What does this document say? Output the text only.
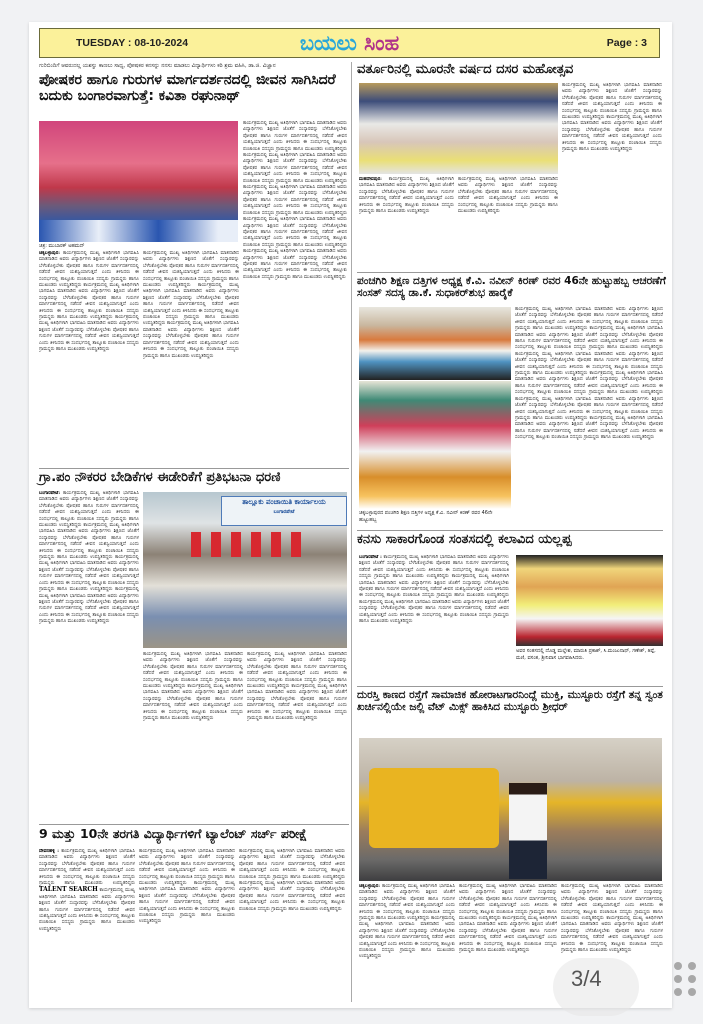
TUESDAY : 08-10-2024	ಬಯಲು ಸಿಂಹ	Page : 3
ಗುರಿಬಿಂದಿಗೆ ಆವರುದಲ್ಲ ಯಶಸ್ವು ಕಾಣಲು ಸಾಧ್ಯ, ಪೋಷಕರ ಕನಸನ್ನು ನನಸು ಮಾಡಲು ವಿದ್ಯಾರ್ಥಿಗಳು ಕಠಿ ಶ್ರಮ ವಹಿಸಿ, ಡಾ.ಜಿ. ವಿಜ್ಞಾನ
ಪೋಷಕರ ಹಾಗೂ ಗುರುಗಳ ಮಾರ್ಗದರ್ಶನದಲ್ಲಿ ಜೀವನ ಸಾಗಿಸಿದರೆ ಬದುಕು ಬಂಗಾರವಾಗುತ್ತೆ: ಕವಿತಾ ರಘುನಾಥ್
ಚಿತ್ರ: ಮುಬಾರಕ್ ಅಹಮದ್
ಚಿಕ್ಕಬಳ್ಳಾಪುರ: ಕಾರ್ಯಕ್ರಮದಲ್ಲಿ ಮುಖ್ಯ ಅತಿಥಿಗಳಾಗಿ ಭಾಗವಹಿಸಿ ಮಾತನಾಡಿದ ಅವರು ವಿದ್ಯಾರ್ಥಿಗಳು ಶಿಕ್ಷಣದ ಜೊತೆಗೆ ಸಂಸ್ಕಾರವನ್ನು ಬೆಳೆಸಿಕೊಳ್ಳಬೇಕು ಪೋಷಕರ ಹಾಗೂ ಗುರುಗಳ ಮಾರ್ಗದರ್ಶನದಲ್ಲಿ ನಡೆದರೆ ಜೀವನ ಯಶಸ್ವಿಯಾಗುತ್ತದೆ ಎಂದು ತಿಳಿಸಿದರು ಈ ಸಂದರ್ಭದಲ್ಲಿ ತಾಲ್ಲೂಕು ಪಂಚಾಯಿತಿ ಸದಸ್ಯರು ಗ್ರಾಮಸ್ಥರು ಹಾಗೂ ಮುಖಂಡರು ಉಪಸ್ಥಿತರಿದ್ದರು ಕಾರ್ಯಕ್ರಮದಲ್ಲಿ ಮುಖ್ಯ ಅತಿಥಿಗಳಾಗಿ ಭಾಗವಹಿಸಿ ಮಾತನಾಡಿದ ಅವರು ವಿದ್ಯಾರ್ಥಿಗಳು ಶಿಕ್ಷಣದ ಜೊತೆಗೆ ಸಂಸ್ಕಾರವನ್ನು ಬೆಳೆಸಿಕೊಳ್ಳಬೇಕು ಪೋಷಕರ ಹಾಗೂ ಗುರುಗಳ ಮಾರ್ಗದರ್ಶನದಲ್ಲಿ ನಡೆದರೆ ಜೀವನ ಯಶಸ್ವಿಯಾಗುತ್ತದೆ ಎಂದು ತಿಳಿಸಿದರು ಈ ಸಂದರ್ಭದಲ್ಲಿ ತಾಲ್ಲೂಕು ಪಂಚಾಯಿತಿ ಸದಸ್ಯರು ಗ್ರಾಮಸ್ಥರು ಹಾಗೂ ಮುಖಂಡರು ಉಪಸ್ಥಿತರಿದ್ದರು ಕಾರ್ಯಕ್ರಮದಲ್ಲಿ ಮುಖ್ಯ ಅತಿಥಿಗಳಾಗಿ ಭಾಗವಹಿಸಿ ಮಾತನಾಡಿದ ಅವರು ವಿದ್ಯಾರ್ಥಿಗಳು ಶಿಕ್ಷಣದ ಜೊತೆಗೆ ಸಂಸ್ಕಾರವನ್ನು ಬೆಳೆಸಿಕೊಳ್ಳಬೇಕು ಪೋಷಕರ ಹಾಗೂ ಗುರುಗಳ ಮಾರ್ಗದರ್ಶನದಲ್ಲಿ ನಡೆದರೆ ಜೀವನ ಯಶಸ್ವಿಯಾಗುತ್ತದೆ ಎಂದು ತಿಳಿಸಿದರು ಈ ಸಂದರ್ಭದಲ್ಲಿ ತಾಲ್ಲೂಕು ಪಂಚಾಯಿತಿ ಸದಸ್ಯರು ಗ್ರಾಮಸ್ಥರು ಹಾಗೂ ಮುಖಂಡರು ಉಪಸ್ಥಿತರಿದ್ದರು
ಕಾರ್ಯಕ್ರಮದಲ್ಲಿ ಮುಖ್ಯ ಅತಿಥಿಗಳಾಗಿ ಭಾಗವಹಿಸಿ ಮಾತನಾಡಿದ ಅವರು ವಿದ್ಯಾರ್ಥಿಗಳು ಶಿಕ್ಷಣದ ಜೊತೆಗೆ ಸಂಸ್ಕಾರವನ್ನು ಬೆಳೆಸಿಕೊಳ್ಳಬೇಕು ಪೋಷಕರ ಹಾಗೂ ಗುರುಗಳ ಮಾರ್ಗದರ್ಶನದಲ್ಲಿ ನಡೆದರೆ ಜೀವನ ಯಶಸ್ವಿಯಾಗುತ್ತದೆ ಎಂದು ತಿಳಿಸಿದರು ಈ ಸಂದರ್ಭದಲ್ಲಿ ತಾಲ್ಲೂಕು ಪಂಚಾಯಿತಿ ಸದಸ್ಯರು ಗ್ರಾಮಸ್ಥರು ಹಾಗೂ ಮುಖಂಡರು ಉಪಸ್ಥಿತರಿದ್ದರು ಕಾರ್ಯಕ್ರಮದಲ್ಲಿ ಮುಖ್ಯ ಅತಿಥಿಗಳಾಗಿ ಭಾಗವಹಿಸಿ ಮಾತನಾಡಿದ ಅವರು ವಿದ್ಯಾರ್ಥಿಗಳು ಶಿಕ್ಷಣದ ಜೊತೆಗೆ ಸಂಸ್ಕಾರವನ್ನು ಬೆಳೆಸಿಕೊಳ್ಳಬೇಕು ಪೋಷಕರ ಹಾಗೂ ಗುರುಗಳ ಮಾರ್ಗದರ್ಶನದಲ್ಲಿ ನಡೆದರೆ ಜೀವನ ಯಶಸ್ವಿಯಾಗುತ್ತದೆ ಎಂದು ತಿಳಿಸಿದರು ಈ ಸಂದರ್ಭದಲ್ಲಿ ತಾಲ್ಲೂಕು ಪಂಚಾಯಿತಿ ಸದಸ್ಯರು ಗ್ರಾಮಸ್ಥರು ಹಾಗೂ ಮುಖಂಡರು ಉಪಸ್ಥಿತರಿದ್ದರು ಕಾರ್ಯಕ್ರಮದಲ್ಲಿ ಮುಖ್ಯ ಅತಿಥಿಗಳಾಗಿ ಭಾಗವಹಿಸಿ ಮಾತನಾಡಿದ ಅವರು ವಿದ್ಯಾರ್ಥಿಗಳು ಶಿಕ್ಷಣದ ಜೊತೆಗೆ ಸಂಸ್ಕಾರವನ್ನು ಬೆಳೆಸಿಕೊಳ್ಳಬೇಕು ಪೋಷಕರ ಹಾಗೂ ಗುರುಗಳ ಮಾರ್ಗದರ್ಶನದಲ್ಲಿ ನಡೆದರೆ ಜೀವನ ಯಶಸ್ವಿಯಾಗುತ್ತದೆ ಎಂದು ತಿಳಿಸಿದರು ಈ ಸಂದರ್ಭದಲ್ಲಿ ತಾಲ್ಲೂಕು ಪಂಚಾಯಿತಿ ಸದಸ್ಯರು ಗ್ರಾಮಸ್ಥರು ಹಾಗೂ ಮುಖಂಡರು ಉಪಸ್ಥಿತರಿದ್ದರು
ಕಾರ್ಯಕ್ರಮದಲ್ಲಿ ಮುಖ್ಯ ಅತಿಥಿಗಳಾಗಿ ಭಾಗವಹಿಸಿ ಮಾತನಾಡಿದ ಅವರು ವಿದ್ಯಾರ್ಥಿಗಳು ಶಿಕ್ಷಣದ ಜೊತೆಗೆ ಸಂಸ್ಕಾರವನ್ನು ಬೆಳೆಸಿಕೊಳ್ಳಬೇಕು ಪೋಷಕರ ಹಾಗೂ ಗುರುಗಳ ಮಾರ್ಗದರ್ಶನದಲ್ಲಿ ನಡೆದರೆ ಜೀವನ ಯಶಸ್ವಿಯಾಗುತ್ತದೆ ಎಂದು ತಿಳಿಸಿದರು ಈ ಸಂದರ್ಭದಲ್ಲಿ ತಾಲ್ಲೂಕು ಪಂಚಾಯಿತಿ ಸದಸ್ಯರು ಗ್ರಾಮಸ್ಥರು ಹಾಗೂ ಮುಖಂಡರು ಉಪಸ್ಥಿತರಿದ್ದರು ಕಾರ್ಯಕ್ರಮದಲ್ಲಿ ಮುಖ್ಯ ಅತಿಥಿಗಳಾಗಿ ಭಾಗವಹಿಸಿ ಮಾತನಾಡಿದ ಅವರು ವಿದ್ಯಾರ್ಥಿಗಳು ಶಿಕ್ಷಣದ ಜೊತೆಗೆ ಸಂಸ್ಕಾರವನ್ನು ಬೆಳೆಸಿಕೊಳ್ಳಬೇಕು ಪೋಷಕರ ಹಾಗೂ ಗುರುಗಳ ಮಾರ್ಗದರ್ಶನದಲ್ಲಿ ನಡೆದರೆ ಜೀವನ ಯಶಸ್ವಿಯಾಗುತ್ತದೆ ಎಂದು ತಿಳಿಸಿದರು ಈ ಸಂದರ್ಭದಲ್ಲಿ ತಾಲ್ಲೂಕು ಪಂಚಾಯಿತಿ ಸದಸ್ಯರು ಗ್ರಾಮಸ್ಥರು ಹಾಗೂ ಮುಖಂಡರು ಉಪಸ್ಥಿತರಿದ್ದರು ಕಾರ್ಯಕ್ರಮದಲ್ಲಿ ಮುಖ್ಯ ಅತಿಥಿಗಳಾಗಿ ಭಾಗವಹಿಸಿ ಮಾತನಾಡಿದ ಅವರು ವಿದ್ಯಾರ್ಥಿಗಳು ಶಿಕ್ಷಣದ ಜೊತೆಗೆ ಸಂಸ್ಕಾರವನ್ನು ಬೆಳೆಸಿಕೊಳ್ಳಬೇಕು ಪೋಷಕರ ಹಾಗೂ ಗುರುಗಳ ಮಾರ್ಗದರ್ಶನದಲ್ಲಿ ನಡೆದರೆ ಜೀವನ ಯಶಸ್ವಿಯಾಗುತ್ತದೆ ಎಂದು ತಿಳಿಸಿದರು ಈ ಸಂದರ್ಭದಲ್ಲಿ ತಾಲ್ಲೂಕು ಪಂಚಾಯಿತಿ ಸದಸ್ಯರು ಗ್ರಾಮಸ್ಥರು ಹಾಗೂ ಮುಖಂಡರು ಉಪಸ್ಥಿತರಿದ್ದರು ಕಾರ್ಯಕ್ರಮದಲ್ಲಿ ಮುಖ್ಯ ಅತಿಥಿಗಳಾಗಿ ಭಾಗವಹಿಸಿ ಮಾತನಾಡಿದ ಅವರು ವಿದ್ಯಾರ್ಥಿಗಳು ಶಿಕ್ಷಣದ ಜೊತೆಗೆ ಸಂಸ್ಕಾರವನ್ನು ಬೆಳೆಸಿಕೊಳ್ಳಬೇಕು ಪೋಷಕರ ಹಾಗೂ ಗುರುಗಳ ಮಾರ್ಗದರ್ಶನದಲ್ಲಿ ನಡೆದರೆ ಜೀವನ ಯಶಸ್ವಿಯಾಗುತ್ತದೆ ಎಂದು ತಿಳಿಸಿದರು ಈ ಸಂದರ್ಭದಲ್ಲಿ ತಾಲ್ಲೂಕು ಪಂಚಾಯಿತಿ ಸದಸ್ಯರು ಗ್ರಾಮಸ್ಥರು ಹಾಗೂ ಮುಖಂಡರು ಉಪಸ್ಥಿತರಿದ್ದರು ಕಾರ್ಯಕ್ರಮದಲ್ಲಿ ಮುಖ್ಯ ಅತಿಥಿಗಳಾಗಿ ಭಾಗವಹಿಸಿ ಮಾತನಾಡಿದ ಅವರು ವಿದ್ಯಾರ್ಥಿಗಳು ಶಿಕ್ಷಣದ ಜೊತೆಗೆ ಸಂಸ್ಕಾರವನ್ನು ಬೆಳೆಸಿಕೊಳ್ಳಬೇಕು ಪೋಷಕರ ಹಾಗೂ ಗುರುಗಳ ಮಾರ್ಗದರ್ಶನದಲ್ಲಿ ನಡೆದರೆ ಜೀವನ ಯಶಸ್ವಿಯಾಗುತ್ತದೆ ಎಂದು ತಿಳಿಸಿದರು ಈ ಸಂದರ್ಭದಲ್ಲಿ ತಾಲ್ಲೂಕು ಪಂಚಾಯಿತಿ ಸದಸ್ಯರು ಗ್ರಾಮಸ್ಥರು ಹಾಗೂ ಮುಖಂಡರು ಉಪಸ್ಥಿತರಿದ್ದರು
ಗ್ರಾ.ಪಂ ನೌಕರರ ಬೇಡಿಕೆಗಳ ಈಡೇರಿಕೆಗೆ ಪ್ರತಿಭಟನಾ ಧರಣಿ
ಬಂಗಾರಪೇಟೆ: ಕಾರ್ಯಕ್ರಮದಲ್ಲಿ ಮುಖ್ಯ ಅತಿಥಿಗಳಾಗಿ ಭಾಗವಹಿಸಿ ಮಾತನಾಡಿದ ಅವರು ವಿದ್ಯಾರ್ಥಿಗಳು ಶಿಕ್ಷಣದ ಜೊತೆಗೆ ಸಂಸ್ಕಾರವನ್ನು ಬೆಳೆಸಿಕೊಳ್ಳಬೇಕು ಪೋಷಕರ ಹಾಗೂ ಗುರುಗಳ ಮಾರ್ಗದರ್ಶನದಲ್ಲಿ ನಡೆದರೆ ಜೀವನ ಯಶಸ್ವಿಯಾಗುತ್ತದೆ ಎಂದು ತಿಳಿಸಿದರು ಈ ಸಂದರ್ಭದಲ್ಲಿ ತಾಲ್ಲೂಕು ಪಂಚಾಯಿತಿ ಸದಸ್ಯರು ಗ್ರಾಮಸ್ಥರು ಹಾಗೂ ಮುಖಂಡರು ಉಪಸ್ಥಿತರಿದ್ದರು ಕಾರ್ಯಕ್ರಮದಲ್ಲಿ ಮುಖ್ಯ ಅತಿಥಿಗಳಾಗಿ ಭಾಗವಹಿಸಿ ಮಾತನಾಡಿದ ಅವರು ವಿದ್ಯಾರ್ಥಿಗಳು ಶಿಕ್ಷಣದ ಜೊತೆಗೆ ಸಂಸ್ಕಾರವನ್ನು ಬೆಳೆಸಿಕೊಳ್ಳಬೇಕು ಪೋಷಕರ ಹಾಗೂ ಗುರುಗಳ ಮಾರ್ಗದರ್ಶನದಲ್ಲಿ ನಡೆದರೆ ಜೀವನ ಯಶಸ್ವಿಯಾಗುತ್ತದೆ ಎಂದು ತಿಳಿಸಿದರು ಈ ಸಂದರ್ಭದಲ್ಲಿ ತಾಲ್ಲೂಕು ಪಂಚಾಯಿತಿ ಸದಸ್ಯರು ಗ್ರಾಮಸ್ಥರು ಹಾಗೂ ಮುಖಂಡರು ಉಪಸ್ಥಿತರಿದ್ದರು ಕಾರ್ಯಕ್ರಮದಲ್ಲಿ ಮುಖ್ಯ ಅತಿಥಿಗಳಾಗಿ ಭಾಗವಹಿಸಿ ಮಾತನಾಡಿದ ಅವರು ವಿದ್ಯಾರ್ಥಿಗಳು ಶಿಕ್ಷಣದ ಜೊತೆಗೆ ಸಂಸ್ಕಾರವನ್ನು ಬೆಳೆಸಿಕೊಳ್ಳಬೇಕು ಪೋಷಕರ ಹಾಗೂ ಗುರುಗಳ ಮಾರ್ಗದರ್ಶನದಲ್ಲಿ ನಡೆದರೆ ಜೀವನ ಯಶಸ್ವಿಯಾಗುತ್ತದೆ ಎಂದು ತಿಳಿಸಿದರು ಈ ಸಂದರ್ಭದಲ್ಲಿ ತಾಲ್ಲೂಕು ಪಂಚಾಯಿತಿ ಸದಸ್ಯರು ಗ್ರಾಮಸ್ಥರು ಹಾಗೂ ಮುಖಂಡರು ಉಪಸ್ಥಿತರಿದ್ದರು ಕಾರ್ಯಕ್ರಮದಲ್ಲಿ ಮುಖ್ಯ ಅತಿಥಿಗಳಾಗಿ ಭಾಗವಹಿಸಿ ಮಾತನಾಡಿದ ಅವರು ವಿದ್ಯಾರ್ಥಿಗಳು ಶಿಕ್ಷಣದ ಜೊತೆಗೆ ಸಂಸ್ಕಾರವನ್ನು ಬೆಳೆಸಿಕೊಳ್ಳಬೇಕು ಪೋಷಕರ ಹಾಗೂ ಗುರುಗಳ ಮಾರ್ಗದರ್ಶನದಲ್ಲಿ ನಡೆದರೆ ಜೀವನ ಯಶಸ್ವಿಯಾಗುತ್ತದೆ ಎಂದು ತಿಳಿಸಿದರು ಈ ಸಂದರ್ಭದಲ್ಲಿ ತಾಲ್ಲೂಕು ಪಂಚಾಯಿತಿ ಸದಸ್ಯರು ಗ್ರಾಮಸ್ಥರು ಹಾಗೂ ಮುಖಂಡರು ಉಪಸ್ಥಿತರಿದ್ದರು
ತಾಲ್ಲೂಕು ಪಂಚಾಯಿತಿ ಕಾರ್ಯಾಲಯ
ಬಂಗಾರಪೇಟೆ
ಕಾರ್ಯಕ್ರಮದಲ್ಲಿ ಮುಖ್ಯ ಅತಿಥಿಗಳಾಗಿ ಭಾಗವಹಿಸಿ ಮಾತನಾಡಿದ ಅವರು ವಿದ್ಯಾರ್ಥಿಗಳು ಶಿಕ್ಷಣದ ಜೊತೆಗೆ ಸಂಸ್ಕಾರವನ್ನು ಬೆಳೆಸಿಕೊಳ್ಳಬೇಕು ಪೋಷಕರ ಹಾಗೂ ಗುರುಗಳ ಮಾರ್ಗದರ್ಶನದಲ್ಲಿ ನಡೆದರೆ ಜೀವನ ಯಶಸ್ವಿಯಾಗುತ್ತದೆ ಎಂದು ತಿಳಿಸಿದರು ಈ ಸಂದರ್ಭದಲ್ಲಿ ತಾಲ್ಲೂಕು ಪಂಚಾಯಿತಿ ಸದಸ್ಯರು ಗ್ರಾಮಸ್ಥರು ಹಾಗೂ ಮುಖಂಡರು ಉಪಸ್ಥಿತರಿದ್ದರು ಕಾರ್ಯಕ್ರಮದಲ್ಲಿ ಮುಖ್ಯ ಅತಿಥಿಗಳಾಗಿ ಭಾಗವಹಿಸಿ ಮಾತನಾಡಿದ ಅವರು ವಿದ್ಯಾರ್ಥಿಗಳು ಶಿಕ್ಷಣದ ಜೊತೆಗೆ ಸಂಸ್ಕಾರವನ್ನು ಬೆಳೆಸಿಕೊಳ್ಳಬೇಕು ಪೋಷಕರ ಹಾಗೂ ಗುರುಗಳ ಮಾರ್ಗದರ್ಶನದಲ್ಲಿ ನಡೆದರೆ ಜೀವನ ಯಶಸ್ವಿಯಾಗುತ್ತದೆ ಎಂದು ತಿಳಿಸಿದರು ಈ ಸಂದರ್ಭದಲ್ಲಿ ತಾಲ್ಲೂಕು ಪಂಚಾಯಿತಿ ಸದಸ್ಯರು ಗ್ರಾಮಸ್ಥರು ಹಾಗೂ ಮುಖಂಡರು ಉಪಸ್ಥಿತರಿದ್ದರು
ಕಾರ್ಯಕ್ರಮದಲ್ಲಿ ಮುಖ್ಯ ಅತಿಥಿಗಳಾಗಿ ಭಾಗವಹಿಸಿ ಮಾತನಾಡಿದ ಅವರು ವಿದ್ಯಾರ್ಥಿಗಳು ಶಿಕ್ಷಣದ ಜೊತೆಗೆ ಸಂಸ್ಕಾರವನ್ನು ಬೆಳೆಸಿಕೊಳ್ಳಬೇಕು ಪೋಷಕರ ಹಾಗೂ ಗುರುಗಳ ಮಾರ್ಗದರ್ಶನದಲ್ಲಿ ನಡೆದರೆ ಜೀವನ ಯಶಸ್ವಿಯಾಗುತ್ತದೆ ಎಂದು ತಿಳಿಸಿದರು ಈ ಸಂದರ್ಭದಲ್ಲಿ ತಾಲ್ಲೂಕು ಪಂಚಾಯಿತಿ ಸದಸ್ಯರು ಗ್ರಾಮಸ್ಥರು ಹಾಗೂ ಮುಖಂಡರು ಉಪಸ್ಥಿತರಿದ್ದರು ಕಾರ್ಯಕ್ರಮದಲ್ಲಿ ಮುಖ್ಯ ಅತಿಥಿಗಳಾಗಿ ಭಾಗವಹಿಸಿ ಮಾತನಾಡಿದ ಅವರು ವಿದ್ಯಾರ್ಥಿಗಳು ಶಿಕ್ಷಣದ ಜೊತೆಗೆ ಸಂಸ್ಕಾರವನ್ನು ಬೆಳೆಸಿಕೊಳ್ಳಬೇಕು ಪೋಷಕರ ಹಾಗೂ ಗುರುಗಳ ಮಾರ್ಗದರ್ಶನದಲ್ಲಿ ನಡೆದರೆ ಜೀವನ ಯಶಸ್ವಿಯಾಗುತ್ತದೆ ಎಂದು ತಿಳಿಸಿದರು ಈ ಸಂದರ್ಭದಲ್ಲಿ ತಾಲ್ಲೂಕು ಪಂಚಾಯಿತಿ ಸದಸ್ಯರು ಗ್ರಾಮಸ್ಥರು ಹಾಗೂ ಮುಖಂಡರು ಉಪಸ್ಥಿತರಿದ್ದರು
9 ಮತ್ತು 10ನೇ ತರಗತಿ ವಿದ್ಯಾರ್ಥಿಗಳಿಗೆ ಟ್ಯಾಲೆಂಟ್ ಸರ್ಚ್ ಪರೀಕ್ಷೆ
ದೇವನಹಳ್ಳಿ : ಕಾರ್ಯಕ್ರಮದಲ್ಲಿ ಮುಖ್ಯ ಅತಿಥಿಗಳಾಗಿ ಭಾಗವಹಿಸಿ ಮಾತನಾಡಿದ ಅವರು ವಿದ್ಯಾರ್ಥಿಗಳು ಶಿಕ್ಷಣದ ಜೊತೆಗೆ ಸಂಸ್ಕಾರವನ್ನು ಬೆಳೆಸಿಕೊಳ್ಳಬೇಕು ಪೋಷಕರ ಹಾಗೂ ಗುರುಗಳ ಮಾರ್ಗದರ್ಶನದಲ್ಲಿ ನಡೆದರೆ ಜೀವನ ಯಶಸ್ವಿಯಾಗುತ್ತದೆ ಎಂದು ತಿಳಿಸಿದರು ಈ ಸಂದರ್ಭದಲ್ಲಿ ತಾಲ್ಲೂಕು ಪಂಚಾಯಿತಿ ಸದಸ್ಯರು ಗ್ರಾಮಸ್ಥರು ಹಾಗೂ ಮುಖಂಡರು ಉಪಸ್ಥಿತರಿದ್ದರು TALENT SEARCH ಕಾರ್ಯಕ್ರಮದಲ್ಲಿ ಮುಖ್ಯ ಅತಿಥಿಗಳಾಗಿ ಭಾಗವಹಿಸಿ ಮಾತನಾಡಿದ ಅವರು ವಿದ್ಯಾರ್ಥಿಗಳು ಶಿಕ್ಷಣದ ಜೊತೆಗೆ ಸಂಸ್ಕಾರವನ್ನು ಬೆಳೆಸಿಕೊಳ್ಳಬೇಕು ಪೋಷಕರ ಹಾಗೂ ಗುರುಗಳ ಮಾರ್ಗದರ್ಶನದಲ್ಲಿ ನಡೆದರೆ ಜೀವನ ಯಶಸ್ವಿಯಾಗುತ್ತದೆ ಎಂದು ತಿಳಿಸಿದರು ಈ ಸಂದರ್ಭದಲ್ಲಿ ತಾಲ್ಲೂಕು ಪಂಚಾಯಿತಿ ಸದಸ್ಯರು ಗ್ರಾಮಸ್ಥರು ಹಾಗೂ ಮುಖಂಡರು ಉಪಸ್ಥಿತರಿದ್ದರು
ಕಾರ್ಯಕ್ರಮದಲ್ಲಿ ಮುಖ್ಯ ಅತಿಥಿಗಳಾಗಿ ಭಾಗವಹಿಸಿ ಮಾತನಾಡಿದ ಅವರು ವಿದ್ಯಾರ್ಥಿಗಳು ಶಿಕ್ಷಣದ ಜೊತೆಗೆ ಸಂಸ್ಕಾರವನ್ನು ಬೆಳೆಸಿಕೊಳ್ಳಬೇಕು ಪೋಷಕರ ಹಾಗೂ ಗುರುಗಳ ಮಾರ್ಗದರ್ಶನದಲ್ಲಿ ನಡೆದರೆ ಜೀವನ ಯಶಸ್ವಿಯಾಗುತ್ತದೆ ಎಂದು ತಿಳಿಸಿದರು ಈ ಸಂದರ್ಭದಲ್ಲಿ ತಾಲ್ಲೂಕು ಪಂಚಾಯಿತಿ ಸದಸ್ಯರು ಗ್ರಾಮಸ್ಥರು ಹಾಗೂ ಮುಖಂಡರು ಉಪಸ್ಥಿತರಿದ್ದರು ಕಾರ್ಯಕ್ರಮದಲ್ಲಿ ಮುಖ್ಯ ಅತಿಥಿಗಳಾಗಿ ಭಾಗವಹಿಸಿ ಮಾತನಾಡಿದ ಅವರು ವಿದ್ಯಾರ್ಥಿಗಳು ಶಿಕ್ಷಣದ ಜೊತೆಗೆ ಸಂಸ್ಕಾರವನ್ನು ಬೆಳೆಸಿಕೊಳ್ಳಬೇಕು ಪೋಷಕರ ಹಾಗೂ ಗುರುಗಳ ಮಾರ್ಗದರ್ಶನದಲ್ಲಿ ನಡೆದರೆ ಜೀವನ ಯಶಸ್ವಿಯಾಗುತ್ತದೆ ಎಂದು ತಿಳಿಸಿದರು ಈ ಸಂದರ್ಭದಲ್ಲಿ ತಾಲ್ಲೂಕು ಪಂಚಾಯಿತಿ ಸದಸ್ಯರು ಗ್ರಾಮಸ್ಥರು ಹಾಗೂ ಮುಖಂಡರು ಉಪಸ್ಥಿತರಿದ್ದರು
ಕಾರ್ಯಕ್ರಮದಲ್ಲಿ ಮುಖ್ಯ ಅತಿಥಿಗಳಾಗಿ ಭಾಗವಹಿಸಿ ಮಾತನಾಡಿದ ಅವರು ವಿದ್ಯಾರ್ಥಿಗಳು ಶಿಕ್ಷಣದ ಜೊತೆಗೆ ಸಂಸ್ಕಾರವನ್ನು ಬೆಳೆಸಿಕೊಳ್ಳಬೇಕು ಪೋಷಕರ ಹಾಗೂ ಗುರುಗಳ ಮಾರ್ಗದರ್ಶನದಲ್ಲಿ ನಡೆದರೆ ಜೀವನ ಯಶಸ್ವಿಯಾಗುತ್ತದೆ ಎಂದು ತಿಳಿಸಿದರು ಈ ಸಂದರ್ಭದಲ್ಲಿ ತಾಲ್ಲೂಕು ಪಂಚಾಯಿತಿ ಸದಸ್ಯರು ಗ್ರಾಮಸ್ಥರು ಹಾಗೂ ಮುಖಂಡರು ಉಪಸ್ಥಿತರಿದ್ದರು ಕಾರ್ಯಕ್ರಮದಲ್ಲಿ ಮುಖ್ಯ ಅತಿಥಿಗಳಾಗಿ ಭಾಗವಹಿಸಿ ಮಾತನಾಡಿದ ಅವರು ವಿದ್ಯಾರ್ಥಿಗಳು ಶಿಕ್ಷಣದ ಜೊತೆಗೆ ಸಂಸ್ಕಾರವನ್ನು ಬೆಳೆಸಿಕೊಳ್ಳಬೇಕು ಪೋಷಕರ ಹಾಗೂ ಗುರುಗಳ ಮಾರ್ಗದರ್ಶನದಲ್ಲಿ ನಡೆದರೆ ಜೀವನ ಯಶಸ್ವಿಯಾಗುತ್ತದೆ ಎಂದು ತಿಳಿಸಿದರು ಈ ಸಂದರ್ಭದಲ್ಲಿ ತಾಲ್ಲೂಕು ಪಂಚಾಯಿತಿ ಸದಸ್ಯರು ಗ್ರಾಮಸ್ಥರು ಹಾಗೂ ಮುಖಂಡರು ಉಪಸ್ಥಿತರಿದ್ದರು
ವರ್ತೂರಿನಲ್ಲಿ ಮೂರನೇ ವರ್ಷದ ದಸರ ಮಹೋತ್ಸವ
ಮಹದೇವಪುರ: ಕಾರ್ಯಕ್ರಮದಲ್ಲಿ ಮುಖ್ಯ ಅತಿಥಿಗಳಾಗಿ ಭಾಗವಹಿಸಿ ಮಾತನಾಡಿದ ಅವರು ವಿದ್ಯಾರ್ಥಿಗಳು ಶಿಕ್ಷಣದ ಜೊತೆಗೆ ಸಂಸ್ಕಾರವನ್ನು ಬೆಳೆಸಿಕೊಳ್ಳಬೇಕು ಪೋಷಕರ ಹಾಗೂ ಗುರುಗಳ ಮಾರ್ಗದರ್ಶನದಲ್ಲಿ ನಡೆದರೆ ಜೀವನ ಯಶಸ್ವಿಯಾಗುತ್ತದೆ ಎಂದು ತಿಳಿಸಿದರು ಈ ಸಂದರ್ಭದಲ್ಲಿ ತಾಲ್ಲೂಕು ಪಂಚಾಯಿತಿ ಸದಸ್ಯರು ಗ್ರಾಮಸ್ಥರು ಹಾಗೂ ಮುಖಂಡರು ಉಪಸ್ಥಿತರಿದ್ದರು
ಕಾರ್ಯಕ್ರಮದಲ್ಲಿ ಮುಖ್ಯ ಅತಿಥಿಗಳಾಗಿ ಭಾಗವಹಿಸಿ ಮಾತನಾಡಿದ ಅವರು ವಿದ್ಯಾರ್ಥಿಗಳು ಶಿಕ್ಷಣದ ಜೊತೆಗೆ ಸಂಸ್ಕಾರವನ್ನು ಬೆಳೆಸಿಕೊಳ್ಳಬೇಕು ಪೋಷಕರ ಹಾಗೂ ಗುರುಗಳ ಮಾರ್ಗದರ್ಶನದಲ್ಲಿ ನಡೆದರೆ ಜೀವನ ಯಶಸ್ವಿಯಾಗುತ್ತದೆ ಎಂದು ತಿಳಿಸಿದರು ಈ ಸಂದರ್ಭದಲ್ಲಿ ತಾಲ್ಲೂಕು ಪಂಚಾಯಿತಿ ಸದಸ್ಯರು ಗ್ರಾಮಸ್ಥರು ಹಾಗೂ ಮುಖಂಡರು ಉಪಸ್ಥಿತರಿದ್ದರು
ಕಾರ್ಯಕ್ರಮದಲ್ಲಿ ಮುಖ್ಯ ಅತಿಥಿಗಳಾಗಿ ಭಾಗವಹಿಸಿ ಮಾತನಾಡಿದ ಅವರು ವಿದ್ಯಾರ್ಥಿಗಳು ಶಿಕ್ಷಣದ ಜೊತೆಗೆ ಸಂಸ್ಕಾರವನ್ನು ಬೆಳೆಸಿಕೊಳ್ಳಬೇಕು ಪೋಷಕರ ಹಾಗೂ ಗುರುಗಳ ಮಾರ್ಗದರ್ಶನದಲ್ಲಿ ನಡೆದರೆ ಜೀವನ ಯಶಸ್ವಿಯಾಗುತ್ತದೆ ಎಂದು ತಿಳಿಸಿದರು ಈ ಸಂದರ್ಭದಲ್ಲಿ ತಾಲ್ಲೂಕು ಪಂಚಾಯಿತಿ ಸದಸ್ಯರು ಗ್ರಾಮಸ್ಥರು ಹಾಗೂ ಮುಖಂಡರು ಉಪಸ್ಥಿತರಿದ್ದರು ಕಾರ್ಯಕ್ರಮದಲ್ಲಿ ಮುಖ್ಯ ಅತಿಥಿಗಳಾಗಿ ಭಾಗವಹಿಸಿ ಮಾತನಾಡಿದ ಅವರು ವಿದ್ಯಾರ್ಥಿಗಳು ಶಿಕ್ಷಣದ ಜೊತೆಗೆ ಸಂಸ್ಕಾರವನ್ನು ಬೆಳೆಸಿಕೊಳ್ಳಬೇಕು ಪೋಷಕರ ಹಾಗೂ ಗುರುಗಳ ಮಾರ್ಗದರ್ಶನದಲ್ಲಿ ನಡೆದರೆ ಜೀವನ ಯಶಸ್ವಿಯಾಗುತ್ತದೆ ಎಂದು ತಿಳಿಸಿದರು ಈ ಸಂದರ್ಭದಲ್ಲಿ ತಾಲ್ಲೂಕು ಪಂಚಾಯಿತಿ ಸದಸ್ಯರು ಗ್ರಾಮಸ್ಥರು ಹಾಗೂ ಮುಖಂಡರು ಉಪಸ್ಥಿತರಿದ್ದರು
ಪಂಚಗಿರಿ ಶಿಕ್ಷಣ ದತ್ತಿಗಳ ಅಧ್ಯಕ್ಷ ಕೆ.ವಿ. ನವೀನ್ ಕಿರಣ್ ರವರ 46ನೇ ಹುಟ್ಟುಹಬ್ಬ ಆಚರಣೆಗೆ ಸಂಸತ್ ಸದಸ್ಯ ಡಾ.ಕೆ. ಸುಧಾಕರ್‌ಶುಭ ಹಾರೈಕೆ
ಚಿಕ್ಕಬಳ್ಳಾಪುರದ ಪಂಚಗಿರಿ ಶಿಕ್ಷಣ ದತ್ತಿಗಳ ಅಧ್ಯಕ್ಷ ಕೆ.ವಿ. ನವೀನ್ ಕಿರಣ್ ರವರ 46ನೇ ಹುಟ್ಟುಹಬ್ಬ
ಕಾರ್ಯಕ್ರಮದಲ್ಲಿ ಮುಖ್ಯ ಅತಿಥಿಗಳಾಗಿ ಭಾಗವಹಿಸಿ ಮಾತನಾಡಿದ ಅವರು ವಿದ್ಯಾರ್ಥಿಗಳು ಶಿಕ್ಷಣದ ಜೊತೆಗೆ ಸಂಸ್ಕಾರವನ್ನು ಬೆಳೆಸಿಕೊಳ್ಳಬೇಕು ಪೋಷಕರ ಹಾಗೂ ಗುರುಗಳ ಮಾರ್ಗದರ್ಶನದಲ್ಲಿ ನಡೆದರೆ ಜೀವನ ಯಶಸ್ವಿಯಾಗುತ್ತದೆ ಎಂದು ತಿಳಿಸಿದರು ಈ ಸಂದರ್ಭದಲ್ಲಿ ತಾಲ್ಲೂಕು ಪಂಚಾಯಿತಿ ಸದಸ್ಯರು ಗ್ರಾಮಸ್ಥರು ಹಾಗೂ ಮುಖಂಡರು ಉಪಸ್ಥಿತರಿದ್ದರು ಕಾರ್ಯಕ್ರಮದಲ್ಲಿ ಮುಖ್ಯ ಅತಿಥಿಗಳಾಗಿ ಭಾಗವಹಿಸಿ ಮಾತನಾಡಿದ ಅವರು ವಿದ್ಯಾರ್ಥಿಗಳು ಶಿಕ್ಷಣದ ಜೊತೆಗೆ ಸಂಸ್ಕಾರವನ್ನು ಬೆಳೆಸಿಕೊಳ್ಳಬೇಕು ಪೋಷಕರ ಹಾಗೂ ಗುರುಗಳ ಮಾರ್ಗದರ್ಶನದಲ್ಲಿ ನಡೆದರೆ ಜೀವನ ಯಶಸ್ವಿಯಾಗುತ್ತದೆ ಎಂದು ತಿಳಿಸಿದರು ಈ ಸಂದರ್ಭದಲ್ಲಿ ತಾಲ್ಲೂಕು ಪಂಚಾಯಿತಿ ಸದಸ್ಯರು ಗ್ರಾಮಸ್ಥರು ಹಾಗೂ ಮುಖಂಡರು ಉಪಸ್ಥಿತರಿದ್ದರು ಕಾರ್ಯಕ್ರಮದಲ್ಲಿ ಮುಖ್ಯ ಅತಿಥಿಗಳಾಗಿ ಭಾಗವಹಿಸಿ ಮಾತನಾಡಿದ ಅವರು ವಿದ್ಯಾರ್ಥಿಗಳು ಶಿಕ್ಷಣದ ಜೊತೆಗೆ ಸಂಸ್ಕಾರವನ್ನು ಬೆಳೆಸಿಕೊಳ್ಳಬೇಕು ಪೋಷಕರ ಹಾಗೂ ಗುರುಗಳ ಮಾರ್ಗದರ್ಶನದಲ್ಲಿ ನಡೆದರೆ ಜೀವನ ಯಶಸ್ವಿಯಾಗುತ್ತದೆ ಎಂದು ತಿಳಿಸಿದರು ಈ ಸಂದರ್ಭದಲ್ಲಿ ತಾಲ್ಲೂಕು ಪಂಚಾಯಿತಿ ಸದಸ್ಯರು ಗ್ರಾಮಸ್ಥರು ಹಾಗೂ ಮುಖಂಡರು ಉಪಸ್ಥಿತರಿದ್ದರು ಕಾರ್ಯಕ್ರಮದಲ್ಲಿ ಮುಖ್ಯ ಅತಿಥಿಗಳಾಗಿ ಭಾಗವಹಿಸಿ ಮಾತನಾಡಿದ ಅವರು ವಿದ್ಯಾರ್ಥಿಗಳು ಶಿಕ್ಷಣದ ಜೊತೆಗೆ ಸಂಸ್ಕಾರವನ್ನು ಬೆಳೆಸಿಕೊಳ್ಳಬೇಕು ಪೋಷಕರ ಹಾಗೂ ಗುರುಗಳ ಮಾರ್ಗದರ್ಶನದಲ್ಲಿ ನಡೆದರೆ ಜೀವನ ಯಶಸ್ವಿಯಾಗುತ್ತದೆ ಎಂದು ತಿಳಿಸಿದರು ಈ ಸಂದರ್ಭದಲ್ಲಿ ತಾಲ್ಲೂಕು ಪಂಚಾಯಿತಿ ಸದಸ್ಯರು ಗ್ರಾಮಸ್ಥರು ಹಾಗೂ ಮುಖಂಡರು ಉಪಸ್ಥಿತರಿದ್ದರು ಕಾರ್ಯಕ್ರಮದಲ್ಲಿ ಮುಖ್ಯ ಅತಿಥಿಗಳಾಗಿ ಭಾಗವಹಿಸಿ ಮಾತನಾಡಿದ ಅವರು ವಿದ್ಯಾರ್ಥಿಗಳು ಶಿಕ್ಷಣದ ಜೊತೆಗೆ ಸಂಸ್ಕಾರವನ್ನು ಬೆಳೆಸಿಕೊಳ್ಳಬೇಕು ಪೋಷಕರ ಹಾಗೂ ಗುರುಗಳ ಮಾರ್ಗದರ್ಶನದಲ್ಲಿ ನಡೆದರೆ ಜೀವನ ಯಶಸ್ವಿಯಾಗುತ್ತದೆ ಎಂದು ತಿಳಿಸಿದರು ಈ ಸಂದರ್ಭದಲ್ಲಿ ತಾಲ್ಲೂಕು ಪಂಚಾಯಿತಿ ಸದಸ್ಯರು ಗ್ರಾಮಸ್ಥರು ಹಾಗೂ ಮುಖಂಡರು ಉಪಸ್ಥಿತರಿದ್ದರು ಕಾರ್ಯಕ್ರಮದಲ್ಲಿ ಮುಖ್ಯ ಅತಿಥಿಗಳಾಗಿ ಭಾಗವಹಿಸಿ ಮಾತನಾಡಿದ ಅವರು ವಿದ್ಯಾರ್ಥಿಗಳು ಶಿಕ್ಷಣದ ಜೊತೆಗೆ ಸಂಸ್ಕಾರವನ್ನು ಬೆಳೆಸಿಕೊಳ್ಳಬೇಕು ಪೋಷಕರ ಹಾಗೂ ಗುರುಗಳ ಮಾರ್ಗದರ್ಶನದಲ್ಲಿ ನಡೆದರೆ ಜೀವನ ಯಶಸ್ವಿಯಾಗುತ್ತದೆ ಎಂದು ತಿಳಿಸಿದರು ಈ ಸಂದರ್ಭದಲ್ಲಿ ತಾಲ್ಲೂಕು ಪಂಚಾಯಿತಿ ಸದಸ್ಯರು ಗ್ರಾಮಸ್ಥರು ಹಾಗೂ ಮುಖಂಡರು ಉಪಸ್ಥಿತರಿದ್ದರು
ಕನಸು ಸಾಕಾರಗೊಂಡ ಸಂತಸದಲ್ಲಿ ಕಲಾವಿದ ಯಲ್ಲಪ್ಪ
ಬಂಗಾರಪೇಟೆ : ಕಾರ್ಯಕ್ರಮದಲ್ಲಿ ಮುಖ್ಯ ಅತಿಥಿಗಳಾಗಿ ಭಾಗವಹಿಸಿ ಮಾತನಾಡಿದ ಅವರು ವಿದ್ಯಾರ್ಥಿಗಳು ಶಿಕ್ಷಣದ ಜೊತೆಗೆ ಸಂಸ್ಕಾರವನ್ನು ಬೆಳೆಸಿಕೊಳ್ಳಬೇಕು ಪೋಷಕರ ಹಾಗೂ ಗುರುಗಳ ಮಾರ್ಗದರ್ಶನದಲ್ಲಿ ನಡೆದರೆ ಜೀವನ ಯಶಸ್ವಿಯಾಗುತ್ತದೆ ಎಂದು ತಿಳಿಸಿದರು ಈ ಸಂದರ್ಭದಲ್ಲಿ ತಾಲ್ಲೂಕು ಪಂಚಾಯಿತಿ ಸದಸ್ಯರು ಗ್ರಾಮಸ್ಥರು ಹಾಗೂ ಮುಖಂಡರು ಉಪಸ್ಥಿತರಿದ್ದರು ಕಾರ್ಯಕ್ರಮದಲ್ಲಿ ಮುಖ್ಯ ಅತಿಥಿಗಳಾಗಿ ಭಾಗವಹಿಸಿ ಮಾತನಾಡಿದ ಅವರು ವಿದ್ಯಾರ್ಥಿಗಳು ಶಿಕ್ಷಣದ ಜೊತೆಗೆ ಸಂಸ್ಕಾರವನ್ನು ಬೆಳೆಸಿಕೊಳ್ಳಬೇಕು ಪೋಷಕರ ಹಾಗೂ ಗುರುಗಳ ಮಾರ್ಗದರ್ಶನದಲ್ಲಿ ನಡೆದರೆ ಜೀವನ ಯಶಸ್ವಿಯಾಗುತ್ತದೆ ಎಂದು ತಿಳಿಸಿದರು ಈ ಸಂದರ್ಭದಲ್ಲಿ ತಾಲ್ಲೂಕು ಪಂಚಾಯಿತಿ ಸದಸ್ಯರು ಗ್ರಾಮಸ್ಥರು ಹಾಗೂ ಮುಖಂಡರು ಉಪಸ್ಥಿತರಿದ್ದರು ಕಾರ್ಯಕ್ರಮದಲ್ಲಿ ಮುಖ್ಯ ಅತಿಥಿಗಳಾಗಿ ಭಾಗವಹಿಸಿ ಮಾತನಾಡಿದ ಅವರು ವಿದ್ಯಾರ್ಥಿಗಳು ಶಿಕ್ಷಣದ ಜೊತೆಗೆ ಸಂಸ್ಕಾರವನ್ನು ಬೆಳೆಸಿಕೊಳ್ಳಬೇಕು ಪೋಷಕರ ಹಾಗೂ ಗುರುಗಳ ಮಾರ್ಗದರ್ಶನದಲ್ಲಿ ನಡೆದರೆ ಜೀವನ ಯಶಸ್ವಿಯಾಗುತ್ತದೆ ಎಂದು ತಿಳಿಸಿದರು ಈ ಸಂದರ್ಭದಲ್ಲಿ ತಾಲ್ಲೂಕು ಪಂಚಾಯಿತಿ ಸದಸ್ಯರು ಗ್ರಾಮಸ್ಥರು ಹಾಗೂ ಮುಖಂಡರು ಉಪಸ್ಥಿತರಿದ್ದರು
ಅವರ ಸಂತಸದಲ್ಲಿ ದೊಡ್ಡ ಮಲ್ಲೇಶ, ಮಾರುತಿ ಪ್ರಕಾಶ್, ಸಿ.ಮಂಜುನಾಥ್, ಗಣೇಶ್, ತಿಪ್ಪೆ, ಮಣಿ, ವಸಂತ, ಶ್ರೀನಿವಾಸ ಭಾಗವಹಿಸಿದರು.
ದುರಸ್ತಿ ಕಾಣದ ರಸ್ತೆಗೆ ಸಾಮಾಜಿಕ ಹೋರಾಟಗಾರನಿಂದ್ಲೆ ಮುಕ್ತಿ, ಮುಸ್ಟೂರು ರಸ್ತೆಗೆ ತನ್ನ ಸ್ವಂತ ಖರ್ಚಿನಲ್ಲಿಯೇ ಜಲ್ಲಿ ವೆಟ್ ಮಿಕ್ಸ್ ಹಾಕಿಸಿದ ಮುಸ್ಟೂರು ಶ್ರೀಧರ್
ಚಿಕ್ಕಬಳ್ಳಾಪುರ: ಕಾರ್ಯಕ್ರಮದಲ್ಲಿ ಮುಖ್ಯ ಅತಿಥಿಗಳಾಗಿ ಭಾಗವಹಿಸಿ ಮಾತನಾಡಿದ ಅವರು ವಿದ್ಯಾರ್ಥಿಗಳು ಶಿಕ್ಷಣದ ಜೊತೆಗೆ ಸಂಸ್ಕಾರವನ್ನು ಬೆಳೆಸಿಕೊಳ್ಳಬೇಕು ಪೋಷಕರ ಹಾಗೂ ಗುರುಗಳ ಮಾರ್ಗದರ್ಶನದಲ್ಲಿ ನಡೆದರೆ ಜೀವನ ಯಶಸ್ವಿಯಾಗುತ್ತದೆ ಎಂದು ತಿಳಿಸಿದರು ಈ ಸಂದರ್ಭದಲ್ಲಿ ತಾಲ್ಲೂಕು ಪಂಚಾಯಿತಿ ಸದಸ್ಯರು ಗ್ರಾಮಸ್ಥರು ಹಾಗೂ ಮುಖಂಡರು ಉಪಸ್ಥಿತರಿದ್ದರು ಕಾರ್ಯಕ್ರಮದಲ್ಲಿ ಮುಖ್ಯ ಅತಿಥಿಗಳಾಗಿ ಭಾಗವಹಿಸಿ ಮಾತನಾಡಿದ ಅವರು ವಿದ್ಯಾರ್ಥಿಗಳು ಶಿಕ್ಷಣದ ಜೊತೆಗೆ ಸಂಸ್ಕಾರವನ್ನು ಬೆಳೆಸಿಕೊಳ್ಳಬೇಕು ಪೋಷಕರ ಹಾಗೂ ಗುರುಗಳ ಮಾರ್ಗದರ್ಶನದಲ್ಲಿ ನಡೆದರೆ ಜೀವನ ಯಶಸ್ವಿಯಾಗುತ್ತದೆ ಎಂದು ತಿಳಿಸಿದರು ಈ ಸಂದರ್ಭದಲ್ಲಿ ತಾಲ್ಲೂಕು ಪಂಚಾಯಿತಿ ಸದಸ್ಯರು ಗ್ರಾಮಸ್ಥರು ಹಾಗೂ ಮುಖಂಡರು ಉಪಸ್ಥಿತರಿದ್ದರು
ಕಾರ್ಯಕ್ರಮದಲ್ಲಿ ಮುಖ್ಯ ಅತಿಥಿಗಳಾಗಿ ಭಾಗವಹಿಸಿ ಮಾತನಾಡಿದ ಅವರು ವಿದ್ಯಾರ್ಥಿಗಳು ಶಿಕ್ಷಣದ ಜೊತೆಗೆ ಸಂಸ್ಕಾರವನ್ನು ಬೆಳೆಸಿಕೊಳ್ಳಬೇಕು ಪೋಷಕರ ಹಾಗೂ ಗುರುಗಳ ಮಾರ್ಗದರ್ಶನದಲ್ಲಿ ನಡೆದರೆ ಜೀವನ ಯಶಸ್ವಿಯಾಗುತ್ತದೆ ಎಂದು ತಿಳಿಸಿದರು ಈ ಸಂದರ್ಭದಲ್ಲಿ ತಾಲ್ಲೂಕು ಪಂಚಾಯಿತಿ ಸದಸ್ಯರು ಗ್ರಾಮಸ್ಥರು ಹಾಗೂ ಮುಖಂಡರು ಉಪಸ್ಥಿತರಿದ್ದರು ಕಾರ್ಯಕ್ರಮದಲ್ಲಿ ಮುಖ್ಯ ಅತಿಥಿಗಳಾಗಿ ಭಾಗವಹಿಸಿ ಮಾತನಾಡಿದ ಅವರು ವಿದ್ಯಾರ್ಥಿಗಳು ಶಿಕ್ಷಣದ ಜೊತೆಗೆ ಸಂಸ್ಕಾರವನ್ನು ಬೆಳೆಸಿಕೊಳ್ಳಬೇಕು ಪೋಷಕರ ಹಾಗೂ ಗುರುಗಳ ಮಾರ್ಗದರ್ಶನದಲ್ಲಿ ನಡೆದರೆ ಜೀವನ ಯಶಸ್ವಿಯಾಗುತ್ತದೆ ಎಂದು ತಿಳಿಸಿದರು ಈ ಸಂದರ್ಭದಲ್ಲಿ ತಾಲ್ಲೂಕು ಪಂಚಾಯಿತಿ ಸದಸ್ಯರು ಗ್ರಾಮಸ್ಥರು ಹಾಗೂ ಮುಖಂಡರು ಉಪಸ್ಥಿತರಿದ್ದರು
ಕಾರ್ಯಕ್ರಮದಲ್ಲಿ ಮುಖ್ಯ ಅತಿಥಿಗಳಾಗಿ ಭಾಗವಹಿಸಿ ಮಾತನಾಡಿದ ಅವರು ವಿದ್ಯಾರ್ಥಿಗಳು ಶಿಕ್ಷಣದ ಜೊತೆಗೆ ಸಂಸ್ಕಾರವನ್ನು ಬೆಳೆಸಿಕೊಳ್ಳಬೇಕು ಪೋಷಕರ ಹಾಗೂ ಗುರುಗಳ ಮಾರ್ಗದರ್ಶನದಲ್ಲಿ ನಡೆದರೆ ಜೀವನ ಯಶಸ್ವಿಯಾಗುತ್ತದೆ ಎಂದು ತಿಳಿಸಿದರು ಈ ಸಂದರ್ಭದಲ್ಲಿ ತಾಲ್ಲೂಕು ಪಂಚಾಯಿತಿ ಸದಸ್ಯರು ಗ್ರಾಮಸ್ಥರು ಹಾಗೂ ಮುಖಂಡರು ಉಪಸ್ಥಿತರಿದ್ದರು ಕಾರ್ಯಕ್ರಮದಲ್ಲಿ ಮುಖ್ಯ ಅತಿಥಿಗಳಾಗಿ ಭಾಗವಹಿಸಿ ಮಾತನಾಡಿದ ಅವರು ವಿದ್ಯಾರ್ಥಿಗಳು ಶಿಕ್ಷಣದ ಜೊತೆಗೆ ಸಂಸ್ಕಾರವನ್ನು ಬೆಳೆಸಿಕೊಳ್ಳಬೇಕು ಪೋಷಕರ ಹಾಗೂ ಗುರುಗಳ ಮಾರ್ಗದರ್ಶನದಲ್ಲಿ ನಡೆದರೆ ಜೀವನ ಯಶಸ್ವಿಯಾಗುತ್ತದೆ ಎಂದು ತಿಳಿಸಿದರು ಈ ಸಂದರ್ಭದಲ್ಲಿ ತಾಲ್ಲೂಕು ಪಂಚಾಯಿತಿ ಸದಸ್ಯರು ಗ್ರಾಮಸ್ಥರು ಹಾಗೂ ಮುಖಂಡರು ಉಪಸ್ಥಿತರಿದ್ದರು
3/4
